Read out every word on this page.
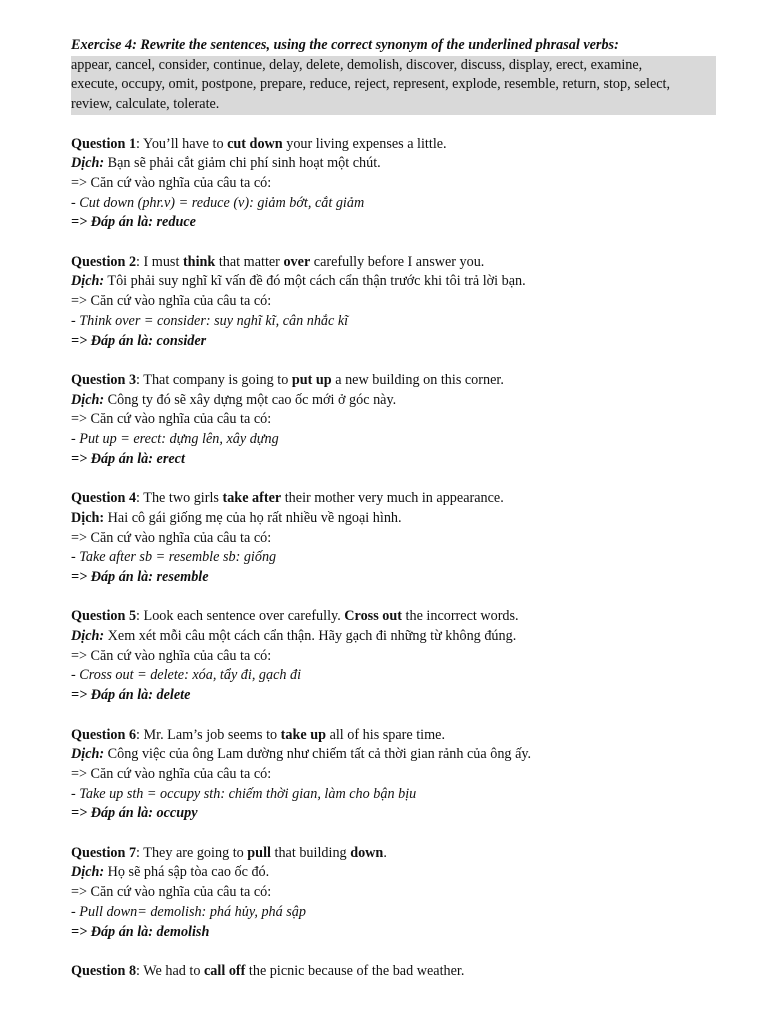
Exercise 4: Rewrite the sentences, using the correct synonym of the underlined phrasal verbs:
appear, cancel, consider, continue, delay, delete, demolish, discover, discuss, display, erect, examine,
execute, occupy, omit, postpone, prepare, reduce, reject, represent, explode, resemble, return, stop, select,
review, calculate, tolerate.
Question 1: You’ll have to cut down your living expenses a little.
Dịch: Bạn sẽ phải cắt giảm chi phí sinh hoạt một chút.
=> Căn cứ vào nghĩa của câu ta có:
- Cut down (phr.v) = reduce (v): giảm bớt, cắt giảm
=> Đáp án là: reduce
Question 2: I must think that matter over carefully before I answer you.
Dịch: Tôi phải suy nghĩ kĩ vấn đề đó một cách cẩn thận trước khi tôi trả lời bạn.
=> Căn cứ vào nghĩa của câu ta có:
- Think over = consider: suy nghĩ kĩ, cân nhắc kĩ
=> Đáp án là: consider
Question 3: That company is going to put up a new building on this corner.
Dịch: Công ty đó sẽ xây dựng một cao ốc mới ở góc này.
=> Căn cứ vào nghĩa của câu ta có:
- Put up = erect: dựng lên, xây dựng
=> Đáp án là: erect
Question 4: The two girls take after their mother very much in appearance.
Dịch: Hai cô gái giống mẹ của họ rất nhiều về ngoại hình.
=> Căn cứ vào nghĩa của câu ta có:
- Take after sb = resemble sb: giống
=> Đáp án là: resemble
Question 5: Look each sentence over carefully. Cross out the incorrect words.
Dịch: Xem xét mỗi câu một cách cẩn thận. Hãy gạch đi những từ không đúng.
=> Căn cứ vào nghĩa của câu ta có:
- Cross out = delete: xóa, tẩy đi, gạch đi
=> Đáp án là: delete
Question 6: Mr. Lam’s job seems to take up all of his spare time.
Dịch: Công việc của ông Lam dường như chiếm tất cả thời gian rảnh của ông ấy.
=> Căn cứ vào nghĩa của câu ta có:
- Take up sth = occupy sth: chiếm thời gian, làm cho bận bịu
=> Đáp án là: occupy
Question 7: They are going to pull that building down.
Dịch: Họ sẽ phá sập tòa cao ốc đó.
=> Căn cứ vào nghĩa của câu ta có:
- Pull down= demolish: phá hủy, phá sập
=> Đáp án là: demolish
Question 8: We had to call off the picnic because of the bad weather.
